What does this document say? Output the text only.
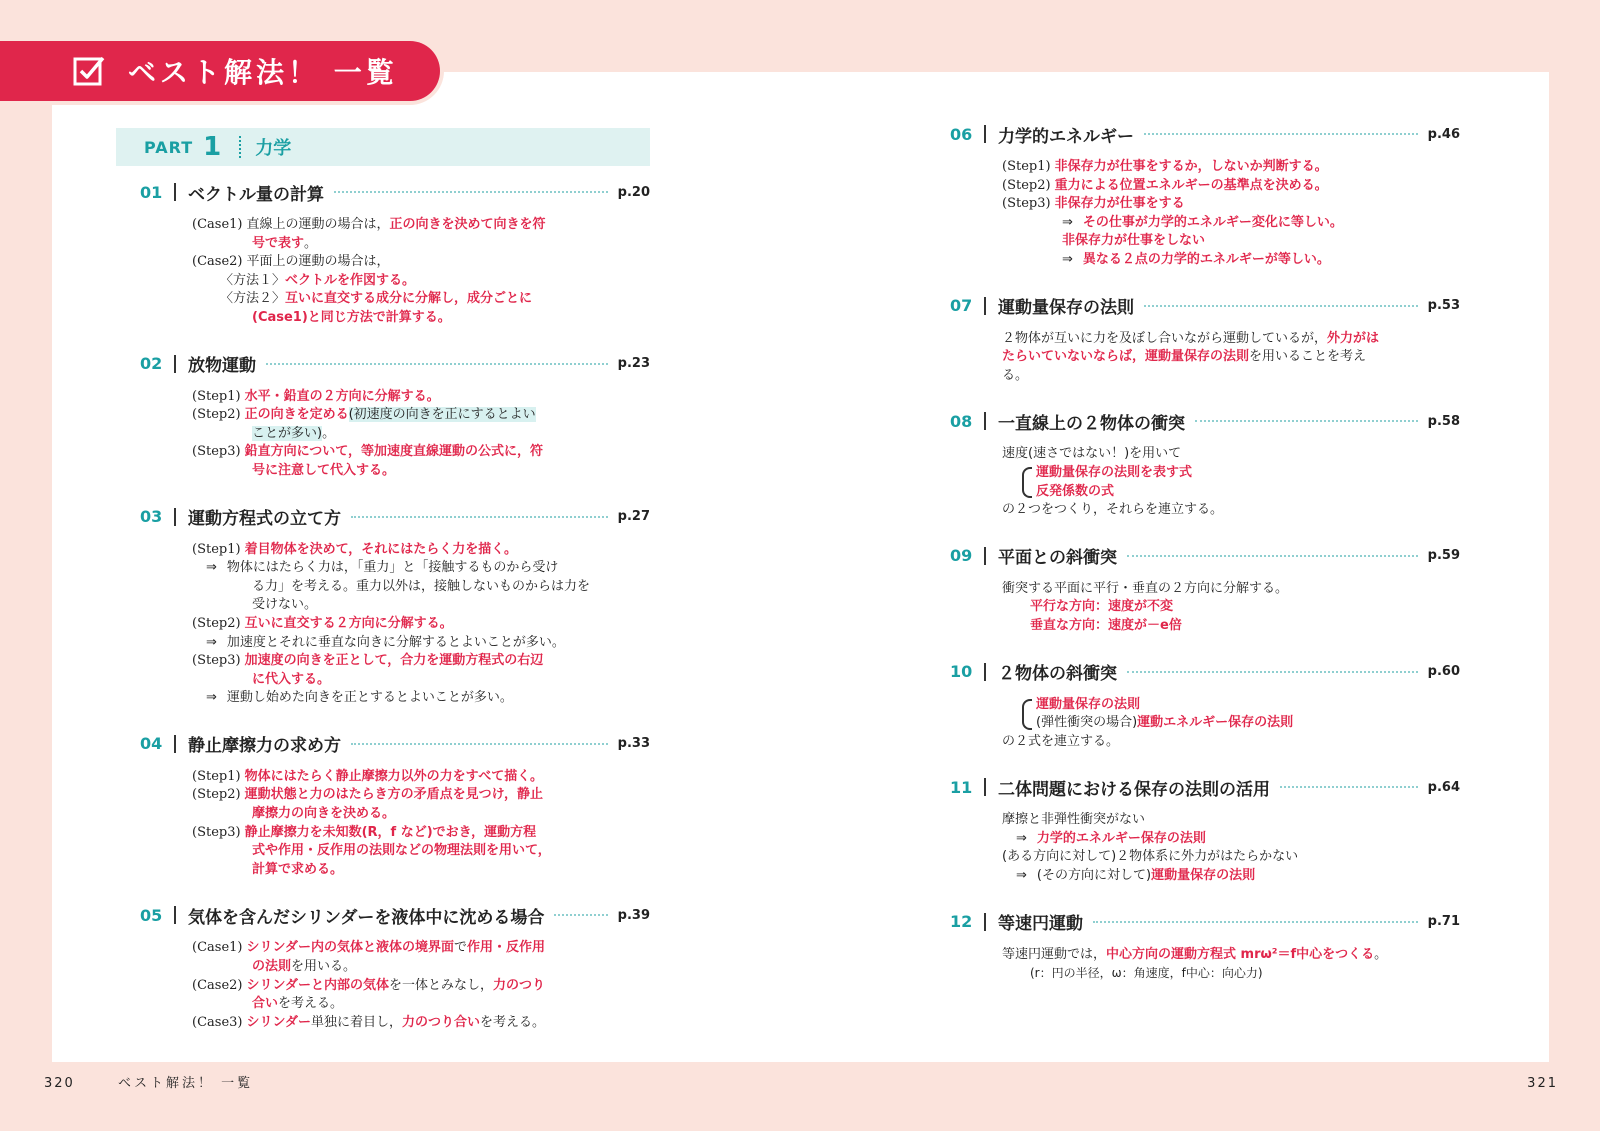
ベスト解法！ 一覧
PART 1 力学
01 ベクトル量の計算	p.20
(Case1) 直線上の運動の場合は，正の向きを決めて向きを符
号で表す。
(Case2) 平面上の運動の場合は，
〈方法１〉ベクトルを作図する。
〈方法２〉互いに直交する成分に分解し，成分ごとに
(Case1)と同じ方法で計算する。
02 放物運動	p.23
(Step1) 水平・鉛直の２方向に分解する。
(Step2) 正の向きを定める(初速度の向きを正にするとよい
ことが多い)。
(Step3) 鉛直方向について，等加速度直線運動の公式に，符
号に注意して代入する。
03 運動方程式の立て方	p.27
(Step1) 着目物体を決めて，それにはたらく力を描く。
⇒ 物体にはたらく力は，「重力」と「接触するものから受け
る力」を考える。重力以外は，接触しないものからは力を
受けない。
(Step2) 互いに直交する２方向に分解する。
⇒ 加速度とそれに垂直な向きに分解するとよいことが多い。
(Step3) 加速度の向きを正として，合力を運動方程式の右辺
に代入する。
⇒ 運動し始めた向きを正とするとよいことが多い。
04 静止摩擦力の求め方	p.33
(Step1) 物体にはたらく静止摩擦力以外の力をすべて描く。
(Step2) 運動状態と力のはたらき方の矛盾点を見つけ，静止
摩擦力の向きを決める。
(Step3) 静止摩擦力を未知数(R，f など)でおき，運動方程
式や作用・反作用の法則などの物理法則を用いて，
計算で求める。
05 気体を含んだシリンダーを液体中に沈める場合	p.39
(Case1) シリンダー内の気体と液体の境界面で作用・反作用
の法則を用いる。
(Case2) シリンダーと内部の気体を一体とみなし，力のつり
合いを考える。
(Case3) シリンダー単独に着目し，力のつり合いを考える。
06 力学的エネルギー	p.46
(Step1) 非保存力が仕事をするか，しないか判断する。
(Step2) 重力による位置エネルギーの基準点を決める。
(Step3) 非保存力が仕事をする
⇒ その仕事が力学的エネルギー変化に等しい。
非保存力が仕事をしない
⇒ 異なる２点の力学的エネルギーが等しい。
07 運動量保存の法則	p.53
２物体が互いに力を及ぼし合いながら運動しているが，外力がは
たらいていないならば，運動量保存の法則を用いることを考え
る。
08 一直線上の２物体の衝突	p.58
速度(速さではない！)を用いて
運動量保存の法則を表す式
反発係数の式
の２つをつくり，それらを連立する。
09 平面との斜衝突	p.59
衝突する平面に平行・垂直の２方向に分解する。
平行な方向：速度が不変
垂直な方向：速度が－e倍
10 ２物体の斜衝突	p.60
運動量保存の法則
(弾性衝突の場合) 運動エネルギー保存の法則
の２式を連立する。
11 二体問題における保存の法則の活用	p.64
摩擦と非弾性衝突がない
⇒ 力学的エネルギー保存の法則
(ある方向に対して)２物体系に外力がはたらかない
⇒ (その方向に対して)運動量保存の法則
12 等速円運動	p.71
等速円運動では，中心方向の運動方程式 mrω²＝f中心をつくる。
(r：円の半径，ω：角速度，f中心：向心力)
320	ベスト解法！ 一覧	321
